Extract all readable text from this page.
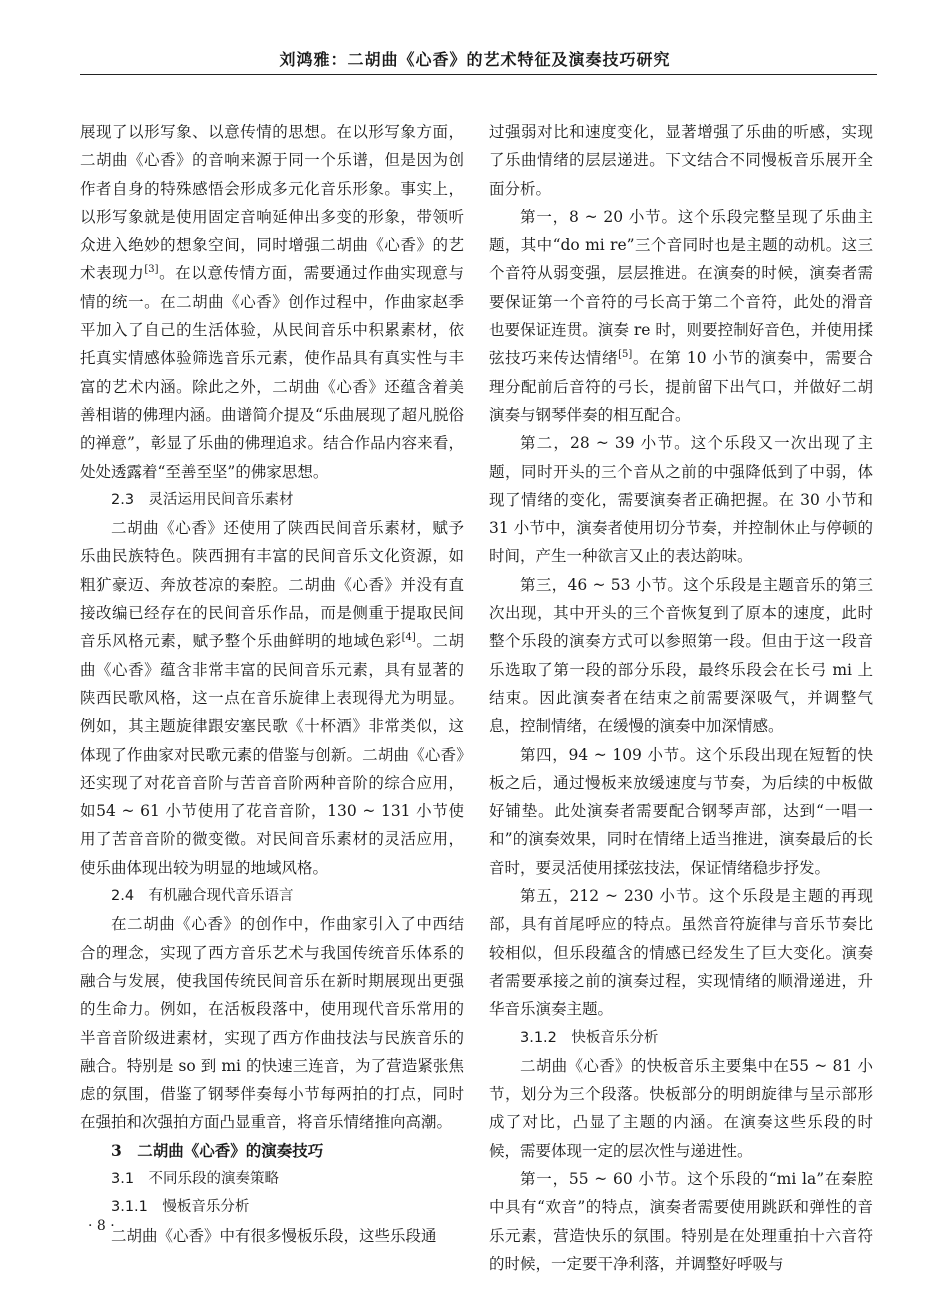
刘鸿雅：二胡曲《心香》的艺术特征及演奏技巧研究

展现了以形写象、以意传情的思想。在以形写象方面，二胡曲《心香》的音响来源于同一个乐谱，但是因为创作者自身的特殊感悟会形成多元化音乐形象。事实上，以形写象就是使用固定音响延伸出多变的形象，带领听众进入绝妙的想象空间，同时增强二胡曲《心香》的艺术表现力[3]。在以意传情方面，需要通过作曲实现意与情的统一。在二胡曲《心香》创作过程中，作曲家赵季平加入了自己的生活体验，从民间音乐中积累素材，依托真实情感体验筛选音乐元素，使作品具有真实性与丰富的艺术内涵。除此之外，二胡曲《心香》还蕴含着美善相谐的佛理内涵。曲谱简介提及“乐曲展现了超凡脱俗的禅意”，彰显了乐曲的佛理追求。结合作品内容来看，处处透露着“至善至坚”的佛家思想。

2.3　灵活运用民间音乐素材

二胡曲《心香》还使用了陕西民间音乐素材，赋予乐曲民族特色。陕西拥有丰富的民间音乐文化资源，如粗犷豪迈、奔放苍凉的秦腔。二胡曲《心香》并没有直接改编已经存在的民间音乐作品，而是侧重于提取民间音乐风格元素，赋予整个乐曲鲜明的地域色彩[4]。二胡曲《心香》蕴含非常丰富的民间音乐元素，具有显著的陕西民歌风格，这一点在音乐旋律上表现得尤为明显。例如，其主题旋律跟安塞民歌《十杯酒》非常类似，这体现了作曲家对民歌元素的借鉴与创新。二胡曲《心香》还实现了对花音音阶与苦音音阶两种音阶的综合应用，如54 ~ 61 小节使用了花音音阶，130 ~ 131 小节使用了苦音音阶的微变徵。对民间音乐素材的灵活应用，使乐曲体现出较为明显的地域风格。

2.4　有机融合现代音乐语言

在二胡曲《心香》的创作中，作曲家引入了中西结合的理念，实现了西方音乐艺术与我国传统音乐体系的融合与发展，使我国传统民间音乐在新时期展现出更强的生命力。例如，在活板段落中，使用现代音乐常用的半音音阶级进素材，实现了西方作曲技法与民族音乐的融合。特别是 so 到 mi 的快速三连音，为了营造紧张焦虑的氛围，借鉴了钢琴伴奏每小节每两拍的打点，同时在强拍和次强拍方面凸显重音，将音乐情绪推向高潮。

3　二胡曲《心香》的演奏技巧
3.1　不同乐段的演奏策略
3.1.1　慢板音乐分析

二胡曲《心香》中有很多慢板乐段，这些乐段通

过强弱对比和速度变化，显著增强了乐曲的听感，实现了乐曲情绪的层层递进。下文结合不同慢板音乐展开全面分析。

第一，8 ~ 20 小节。这个乐段完整呈现了乐曲主题，其中“do mi re”三个音同时也是主题的动机。这三个音符从弱变强，层层推进。在演奏的时候，演奏者需要保证第一个音符的弓长高于第二个音符，此处的滑音也要保证连贯。演奏 re 时，则要控制好音色，并使用揉弦技巧来传达情绪[5]。在第 10 小节的演奏中，需要合理分配前后音符的弓长，提前留下出气口，并做好二胡演奏与钢琴伴奏的相互配合。

第二，28 ~ 39 小节。这个乐段又一次出现了主题，同时开头的三个音从之前的中强降低到了中弱，体现了情绪的变化，需要演奏者正确把握。在 30 小节和 31 小节中，演奏者使用切分节奏，并控制休止与停顿的时间，产生一种欲言又止的表达韵味。

第三，46 ~ 53 小节。这个乐段是主题音乐的第三次出现，其中开头的三个音恢复到了原本的速度，此时整个乐段的演奏方式可以参照第一段。但由于这一段音乐选取了第一段的部分乐段，最终乐段会在长弓 mi 上结束。因此演奏者在结束之前需要深吸气，并调整气息，控制情绪，在缓慢的演奏中加深情感。

第四，94 ~ 109 小节。这个乐段出现在短暂的快板之后，通过慢板来放缓速度与节奏，为后续的中板做好铺垫。此处演奏者需要配合钢琴声部，达到“一唱一和”的演奏效果，同时在情绪上适当推进，演奏最后的长音时，要灵活使用揉弦技法，保证情绪稳步抒发。

第五，212 ~ 230 小节。这个乐段是主题的再现部，具有首尾呼应的特点。虽然音符旋律与音乐节奏比较相似，但乐段蕴含的情感已经发生了巨大变化。演奏者需要承接之前的演奏过程，实现情绪的顺滑递进，升华音乐演奏主题。

3.1.2　快板音乐分析

二胡曲《心香》的快板音乐主要集中在55 ~ 81 小节，划分为三个段落。快板部分的明朗旋律与呈示部形成了对比，凸显了主题的内涵。在演奏这些乐段的时候，需要体现一定的层次性与递进性。

第一，55 ~ 60 小节。这个乐段的“mi la”在秦腔中具有“欢音”的特点，演奏者需要使用跳跃和弹性的音乐元素，营造快乐的氛围。特别是在处理重拍十六音符的时候，一定要干净利落，并调整好呼吸与

· 8 ·
